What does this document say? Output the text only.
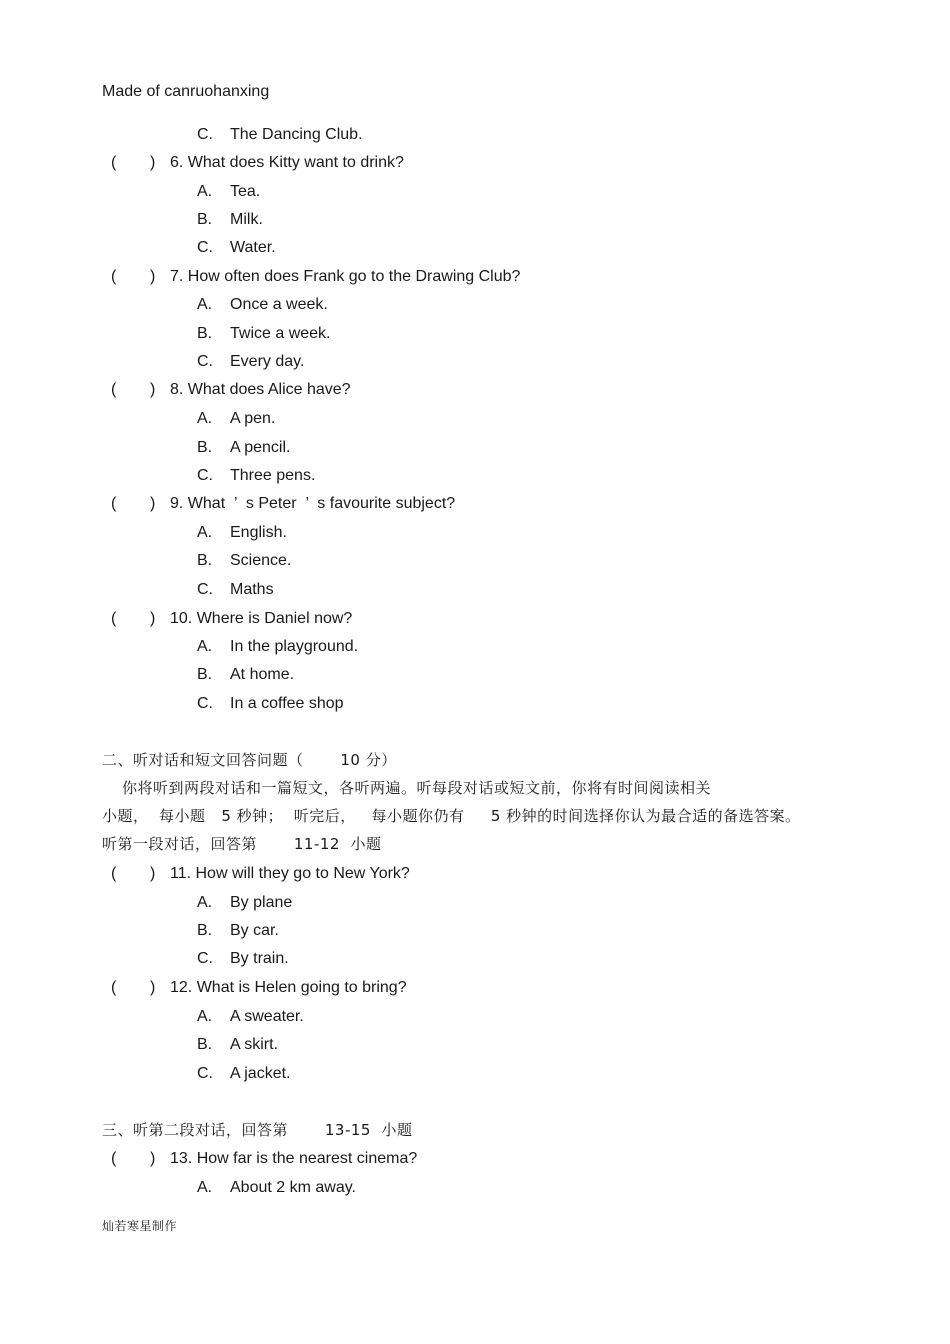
Made of canruohanxing
C. The Dancing Club.
( ) 6. What does Kitty want to drink?
A. Tea.
B. Milk.
C. Water.
( ) 7. How often does Frank go to the Drawing Club?
A. Once a week.
B. Twice a week.
C. Every day.
( ) 8. What does Alice have?
A. A pen.
B. A pencil.
C. Three pens.
( ) 9. What  ’  s Peter  ’  s favourite subject?
A. English.
B. Science.
C. Maths
( ) 10. Where is Daniel now?
A. In the playground.
B. At home.
C. In a coffee shop
二、听对话和短文回答问题（       10 分）
你将听到两段对话和一篇短文，各听两遍。听每段对话或短文前，你将有时间阅读相关
小题，  每小题   5 秒钟；  听完后，   每小题你仍有     5 秒钟的时间选择你认为最合适的备选答案。
听第一段对话，回答第       11-12  小题
( ) 11. How will they go to New York?
A. By plane
B. By car.
C. By train.
( ) 12. What is Helen going to bring?
A. A sweater.
B. A skirt.
C. A jacket.
三、听第二段对话，回答第       13-15  小题
( ) 13. How far is the nearest cinema?
A. About 2 km away.
灿若寒星制作
